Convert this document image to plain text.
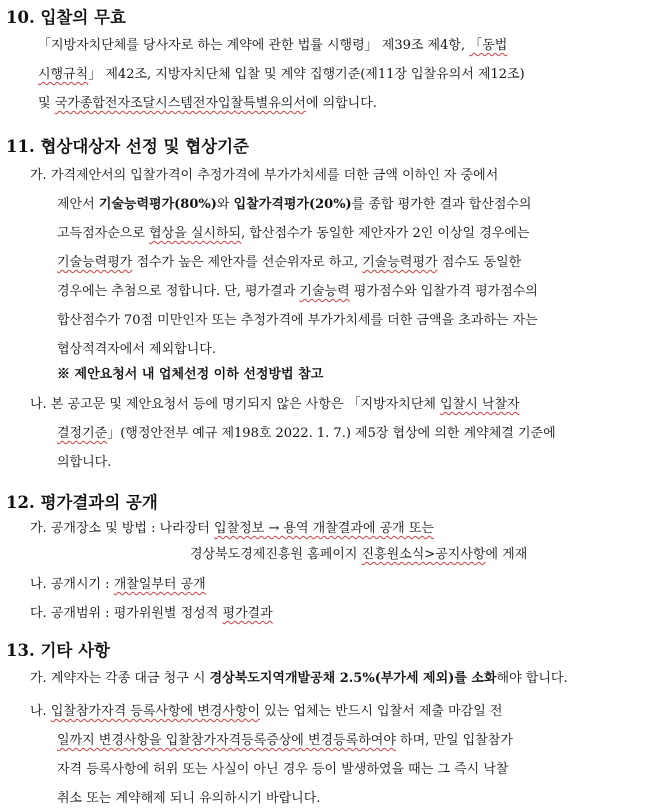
10. 입찰의 무효
「지방자치단체를 당사자로 하는 계약에 관한 법률 시행령」 제39조 제4항, 「동법
시행규칙」 제42조, 지방자치단체 입찰 및 계약 집행기준(제11장 입찰유의서 제12조)
및 국가종합전자조달시스템전자입찰특별유의서에 의합니다.
11. 협상대상자 선정 및 협상기준
가. 가격제안서의 입찰가격이 추정가격에 부가가치세를 더한 금액 이하인 자 중에서
제안서 기술능력평가(80%)와 입찰가격평가(20%)를 종합 평가한 결과 합산점수의
고득점자순으로 협상을 실시하되, 합산점수가 동일한 제안자가 2인 이상일 경우에는
기술능력평가 점수가 높은 제안자를 선순위자로 하고, 기술능력평가 점수도 동일한
경우에는 추첨으로 정합니다. 단, 평가결과 기술능력 평가점수와 입찰가격 평가점수의
합산점수가 70점 미만인자 또는 추정가격에 부가가치세를 더한 금액을 초과하는 자는
협상적격자에서 제외합니다.
※ 제안요청서 내 업체선정 이하 선정방법 참고
나. 본 공고문 및 제안요청서 등에 명기되지 않은 사항은 「지방자치단체 입찰시 낙찰자
결정기준」(행정안전부 예규 제198호 2022. 1. 7.) 제5장 협상에 의한 계약체결 기준에
의합니다.
12. 평가결과의 공개
가. 공개장소 및 방법 : 나라장터 입찰정보 → 용역 개찰결과에 공개 또는
경상북도경제진흥원 홈페이지 진흥원소식>공지사항에 게재
나. 공개시기 : 개찰일부터 공개
다. 공개범위 : 평가위원별 정성적 평가결과
13. 기타 사항
가. 계약자는 각종 대금 청구 시 경상북도지역개발공채 2.5%(부가세 제외)를 소화해야 합니다.
나. 입찰참가자격 등록사항에 변경사항이 있는 업체는 반드시 입찰서 제출 마감일 전
일까지 변경사항을 입찰참가자격등록증상에 변경등록하여야 하며, 만일 입찰참가
자격 등록사항에 허위 또는 사실이 아닌 경우 등이 발생하였을 때는 그 즉시 낙찰
취소 또는 계약해제 되니 유의하시기 바랍니다.
